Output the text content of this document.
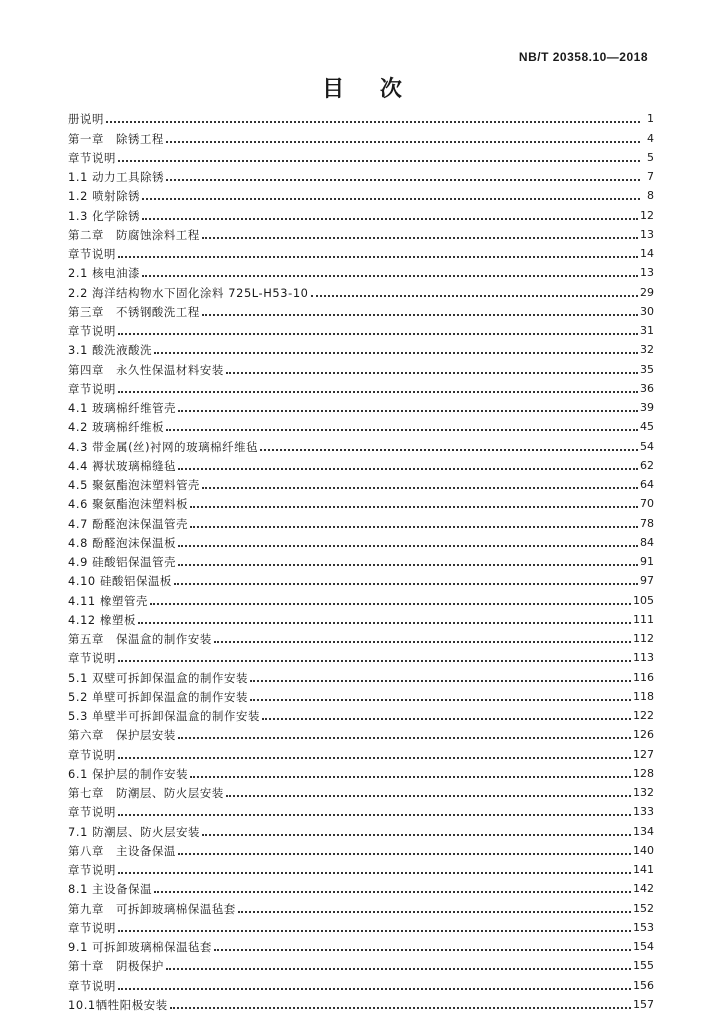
NB/T 20358.10—2018
目 次
册说明	1
第一章　除锈工程	4
章节说明	5
1.1 动力工具除锈	7
1.2 喷射除锈	8
1.3 化学除锈	12
第二章　防腐蚀涂料工程	13
章节说明	14
2.1 核电油漆	13
2.2 海洋结构物水下固化涂料 725L-H53-10	29
第三章　不锈钢酸洗工程	30
章节说明	31
3.1 酸洗液酸洗	32
第四章　永久性保温材料安装	35
章节说明	36
4.1 玻璃棉纤维管壳	39
4.2 玻璃棉纤维板	45
4.3 带金属(丝)衬网的玻璃棉纤维毡	54
4.4 褥状玻璃棉缝毡	62
4.5 聚氨酯泡沫塑料管壳	64
4.6 聚氨酯泡沫塑料板	70
4.7 酚醛泡沫保温管壳	78
4.8 酚醛泡沫保温板	84
4.9 硅酸铝保温管壳	91
4.10 硅酸铝保温板	97
4.11 橡塑管壳	105
4.12 橡塑板	111
第五章　保温盒的制作安装	112
章节说明	113
5.1 双壁可拆卸保温盒的制作安装	116
5.2 单壁可拆卸保温盒的制作安装	118
5.3 单壁半可拆卸保温盒的制作安装	122
第六章　保护层安装	126
章节说明	127
6.1 保护层的制作安装	128
第七章　防潮层、防火层安装	132
章节说明	133
7.1 防潮层、防火层安装	134
第八章　主设备保温	140
章节说明	141
8.1 主设备保温	142
第九章　可拆卸玻璃棉保温毡套	152
章节说明	153
9.1 可拆卸玻璃棉保温毡套	154
第十章　阴极保护	155
章节说明	156
10.1牺牲阳极安装	157
